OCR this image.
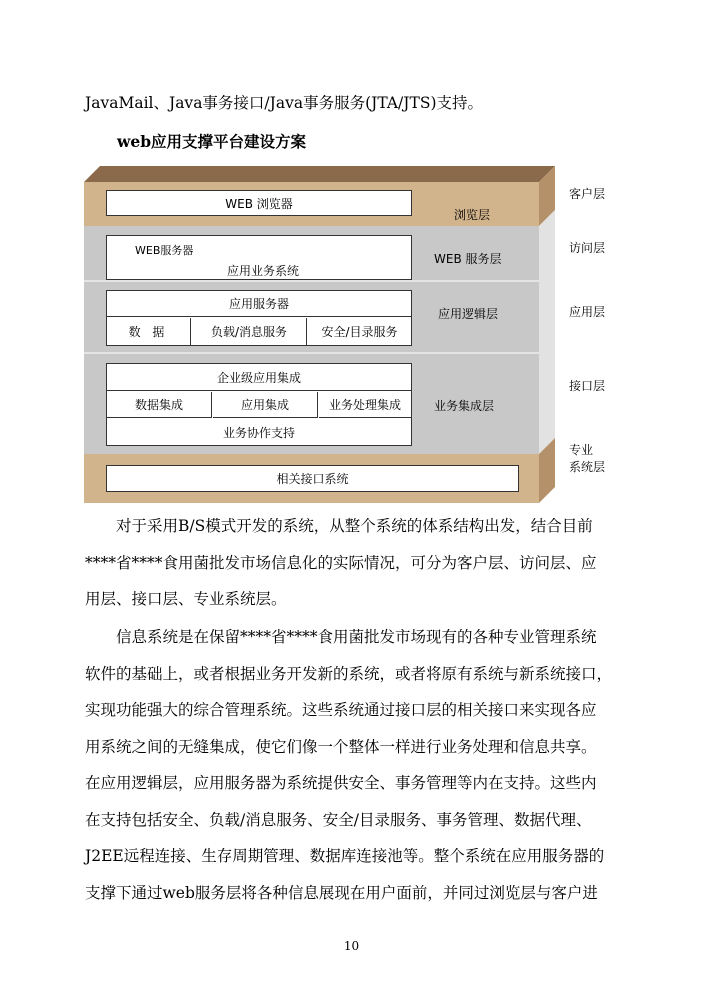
JavaMail、Java事务接口/Java事务服务(JTA/JTS)支持。
web应用支撑平台建设方案
WEB 浏览器
浏览层
WEB服务器
应用业务系统
WEB 服务层
应用服务器
数 据	负载/消息服务	安全/目录服务
应用逻辑层
企业级应用集成
数据集成	应用集成	业务处理集成
业务协作支持
业务集成层
相关接口系统
客户层
访问层
应用层
接口层
专业
系统层
对于采用B/S模式开发的系统，从整个系统的体系结构出发，结合目前
****省****食用菌批发市场信息化的实际情况，可分为客户层、访问层、应
用层、接口层、专业系统层。
信息系统是在保留****省****食用菌批发市场现有的各种专业管理系统
软件的基础上，或者根据业务开发新的系统，或者将原有系统与新系统接口，
实现功能强大的综合管理系统。这些系统通过接口层的相关接口来实现各应
用系统之间的无缝集成，使它们像一个整体一样进行业务处理和信息共享。
在应用逻辑层，应用服务器为系统提供安全、事务管理等内在支持。这些内
在支持包括安全、负载/消息服务、安全/目录服务、事务管理、数据代理、
J2EE远程连接、生存周期管理、数据库连接池等。整个系统在应用服务器的
支撑下通过web服务层将各种信息展现在用户面前，并同过浏览层与客户进
10
